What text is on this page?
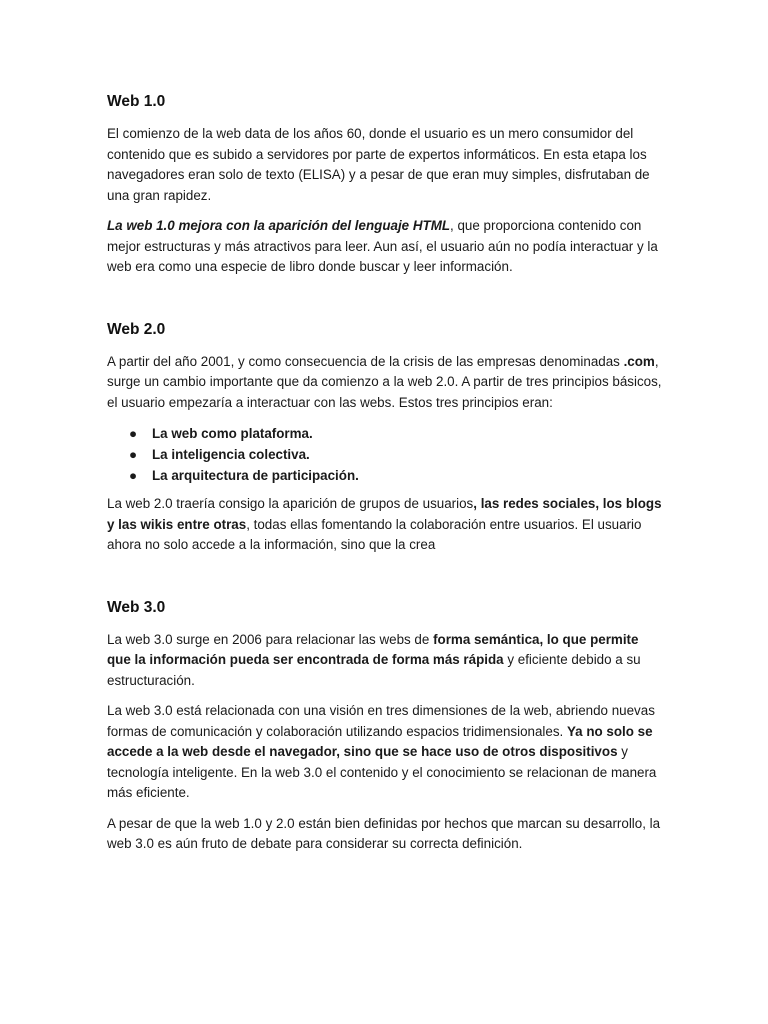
Web 1.0

El comienzo de la web data de los años 60, donde el usuario es un mero consumidor del contenido que es subido a servidores por parte de expertos informáticos. En esta etapa los navegadores eran solo de texto (ELISA) y a pesar de que eran muy simples, disfrutaban de una gran rapidez.

La web 1.0 mejora con la aparición del lenguaje HTML, que proporciona contenido con mejor estructuras y más atractivos para leer. Aun así, el usuario aún no podía interactuar y la web era como una especie de libro donde buscar y leer información.

Web 2.0

A partir del año 2001, y como consecuencia de la crisis de las empresas denominadas .com, surge un cambio importante que da comienzo a la web 2.0. A partir de tres principios básicos, el usuario empezaría a interactuar con las webs. Estos tres principios eran:

● La web como plataforma.
● La inteligencia colectiva.
● La arquitectura de participación.

La web 2.0 traería consigo la aparición de grupos de usuarios, las redes sociales, los blogs y las wikis entre otras, todas ellas fomentando la colaboración entre usuarios. El usuario ahora no solo accede a la información, sino que la crea

Web 3.0

La web 3.0 surge en 2006 para relacionar las webs de forma semántica, lo que permite que la información pueda ser encontrada de forma más rápida y eficiente debido a su estructuración.

La web 3.0 está relacionada con una visión en tres dimensiones de la web, abriendo nuevas formas de comunicación y colaboración utilizando espacios tridimensionales. Ya no solo se accede a la web desde el navegador, sino que se hace uso de otros dispositivos y tecnología inteligente. En la web 3.0 el contenido y el conocimiento se relacionan de manera más eficiente.

A pesar de que la web 1.0 y 2.0 están bien definidas por hechos que marcan su desarrollo, la web 3.0 es aún fruto de debate para considerar su correcta definición.
